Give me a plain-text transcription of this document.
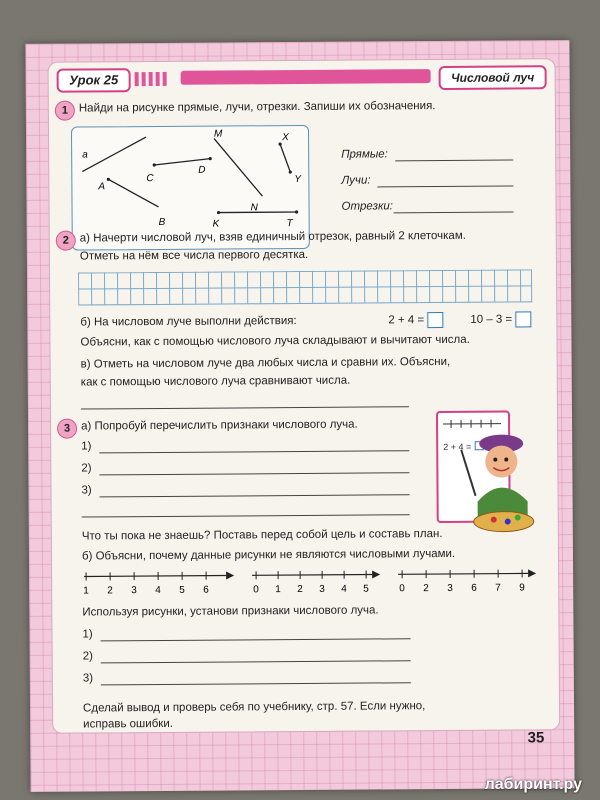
Урок 25	Числовой луч
1 Найди на рисунке прямые, лучи, отрезки. Запиши их обозначения.
a
A
B
C
D
M
N
X
Y
K	T
Прямые:
Лучи:
Отрезки:
2 а) Начерти числовой луч, взяв единичный отрезок, равный 2 клеточкам.
Отметь на нём все числа первого десятка.
б) На числовом луче выполни действия:	2 + 4 =	10 – 3 =
Объясни, как с помощью числового луча складывают и вычитают числа.
в) Отметь на числовом луче два любых числа и сравни их. Объясни,
как с помощью числового луча сравнивают числа.
3 а) Попробуй перечислить признаки числового луча.
1)
2)
3)
2 + 4 =
Что ты пока не знаешь? Поставь перед собой цель и составь план.
б) Объясни, почему данные рисунки не являются числовыми лучами.
1 2 3 4 5 6	0 1 2 3 4 5	0 2 3 6 7 9
Используя рисунки, установи признаки числового луча.
1)
2)
3)
Сделай вывод и проверь себя по учебнику, стр. 57. Если нужно,
исправь ошибки.
35
лабиринт.ру
